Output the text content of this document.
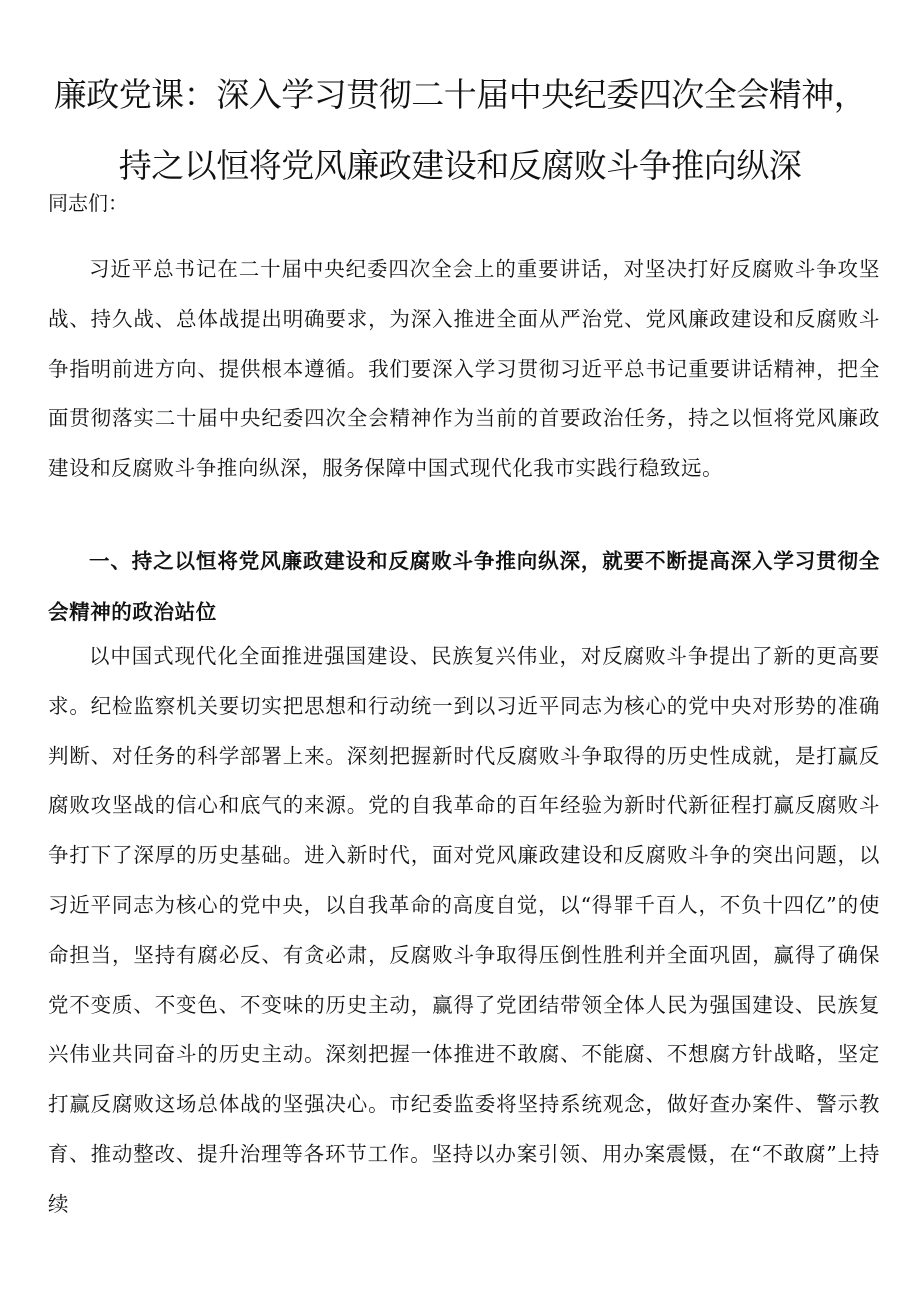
廉政党课：深入学习贯彻二十届中央纪委四次全会精神，
持之以恒将党风廉政建设和反腐败斗争推向纵深

同志们：

习近平总书记在二十届中央纪委四次全会上的重要讲话，对坚决打好反腐败斗争攻坚战、持久战、总体战提出明确要求，为深入推进全面从严治党、党风廉政建设和反腐败斗争指明前进方向、提供根本遵循。我们要深入学习贯彻习近平总书记重要讲话精神，把全面贯彻落实二十届中央纪委四次全会精神作为当前的首要政治任务，持之以恒将党风廉政建设和反腐败斗争推向纵深，服务保障中国式现代化我市实践行稳致远。

一、持之以恒将党风廉政建设和反腐败斗争推向纵深，就要不断提高深入学习贯彻全会精神的政治站位

以中国式现代化全面推进强国建设、民族复兴伟业，对反腐败斗争提出了新的更高要求。纪检监察机关要切实把思想和行动统一到以习近平同志为核心的党中央对形势的准确判断、对任务的科学部署上来。深刻把握新时代反腐败斗争取得的历史性成就，是打赢反腐败攻坚战的信心和底气的来源。党的自我革命的百年经验为新时代新征程打赢反腐败斗争打下了深厚的历史基础。进入新时代，面对党风廉政建设和反腐败斗争的突出问题，以习近平同志为核心的党中央，以自我革命的高度自觉，以“得罪千百人，不负十四亿”的使命担当，坚持有腐必反、有贪必肃，反腐败斗争取得压倒性胜利并全面巩固，赢得了确保党不变质、不变色、不变味的历史主动，赢得了党团结带领全体人民为强国建设、民族复兴伟业共同奋斗的历史主动。深刻把握一体推进不敢腐、不能腐、不想腐方针战略，坚定打赢反腐败这场总体战的坚强决心。市纪委监委将坚持系统观念，做好查办案件、警示教育、推动整改、提升治理等各环节工作。坚持以办案引领、用办案震慑，在“不敢腐”上持续
